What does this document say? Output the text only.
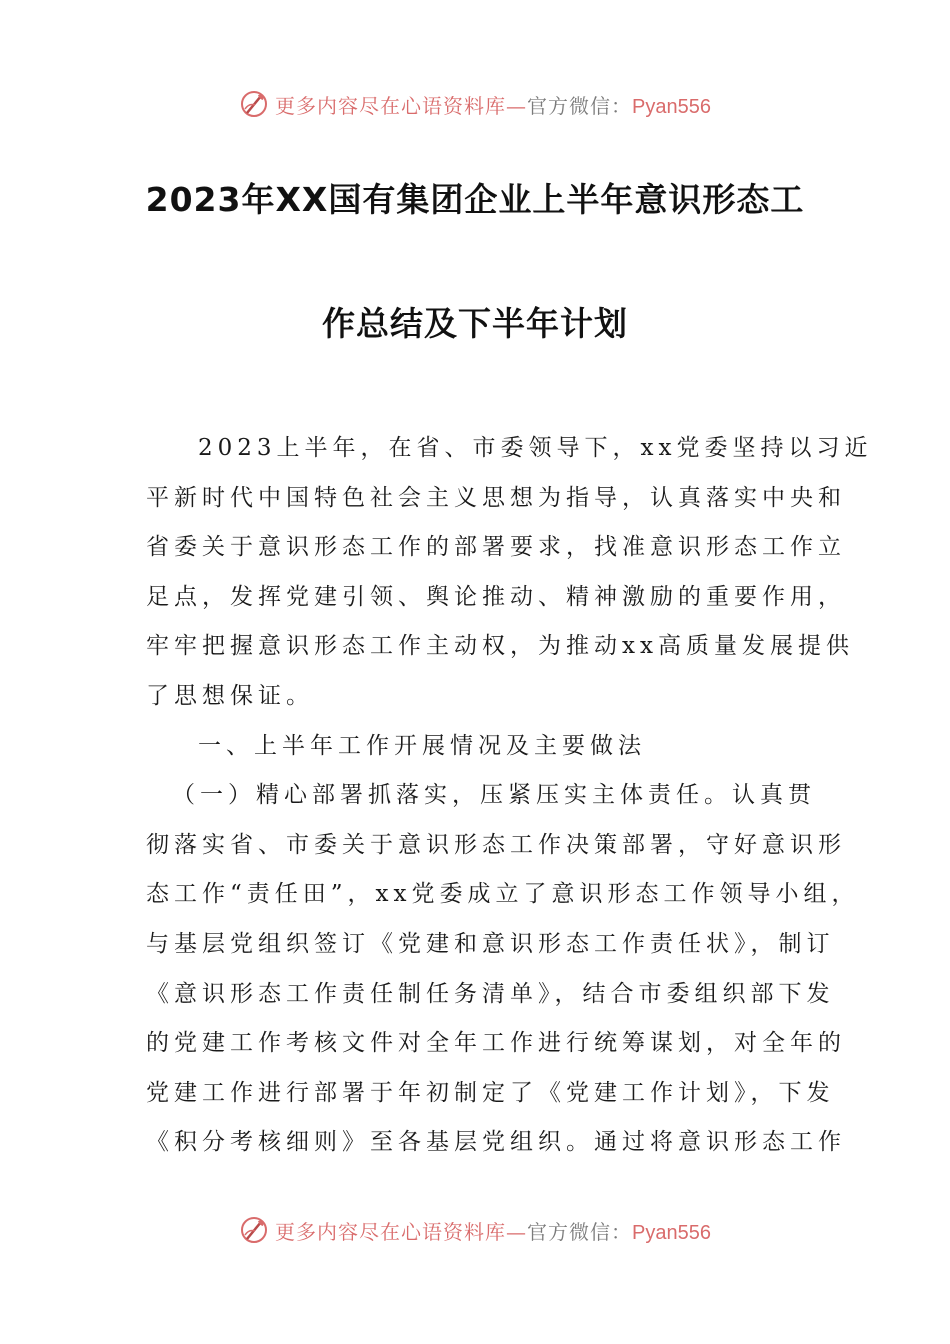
更多内容尽在心语资料库—官方微信：Pyan556
2023年XX国有集团企业上半年意识形态工
作总结及下半年计划
2023上半年，在省、市委领导下，xx党委坚持以习近
平新时代中国特色社会主义思想为指导，认真落实中央和
省委关于意识形态工作的部署要求，找准意识形态工作立
足点，发挥党建引领、舆论推动、精神激励的重要作用，
牢牢把握意识形态工作主动权，为推动xx高质量发展提供
了思想保证。
一、上半年工作开展情况及主要做法
（一）精心部署抓落实，压紧压实主体责任。认真贯
彻落实省、市委关于意识形态工作决策部署，守好意识形
态工作“责任田”，xx党委成立了意识形态工作领导小组，
与基层党组织签订《党建和意识形态工作责任状》，制订
《意识形态工作责任制任务清单》，结合市委组织部下发
的党建工作考核文件对全年工作进行统筹谋划，对全年的
党建工作进行部署于年初制定了《党建工作计划》，下发
《积分考核细则》至各基层党组织。通过将意识形态工作
更多内容尽在心语资料库—官方微信：Pyan556
